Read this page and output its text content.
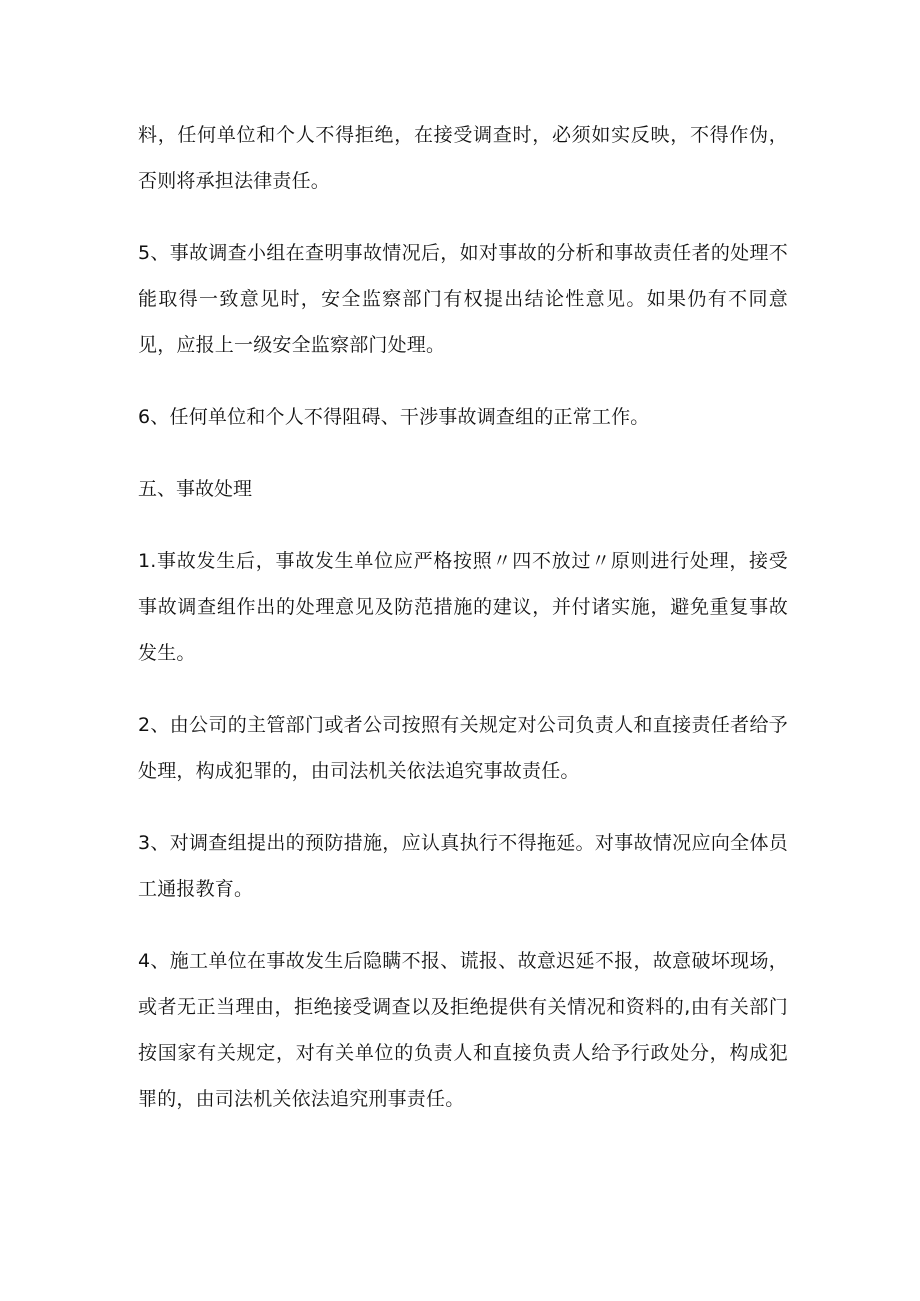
料，任何单位和个人不得拒绝，在接受调查时，必须如实反映，不得作伪，否则将承担法律责任。

5、事故调查小组在查明事故情况后，如对事故的分析和事故责任者的处理不能取得一致意见时，安全监察部门有权提出结论性意见。如果仍有不同意见，应报上一级安全监察部门处理。

6、任何单位和个人不得阻碍、干涉事故调查组的正常工作。

五、事故处理

1.事故发生后，事故发生单位应严格按照〃四不放过〃原则进行处理，接受事故调查组作出的处理意见及防范措施的建议，并付诸实施，避免重复事故发生。

2、由公司的主管部门或者公司按照有关规定对公司负责人和直接责任者给予处理，构成犯罪的，由司法机关依法追究事故责任。

3、对调查组提出的预防措施，应认真执行不得拖延。对事故情况应向全体员工通报教育。

4、施工单位在事故发生后隐瞒不报、谎报、故意迟延不报，故意破坏现场，或者无正当理由，拒绝接受调查以及拒绝提供有关情况和资料的,由有关部门按国家有关规定，对有关单位的负责人和直接负责人给予行政处分，构成犯罪的，由司法机关依法追究刑事责任。
